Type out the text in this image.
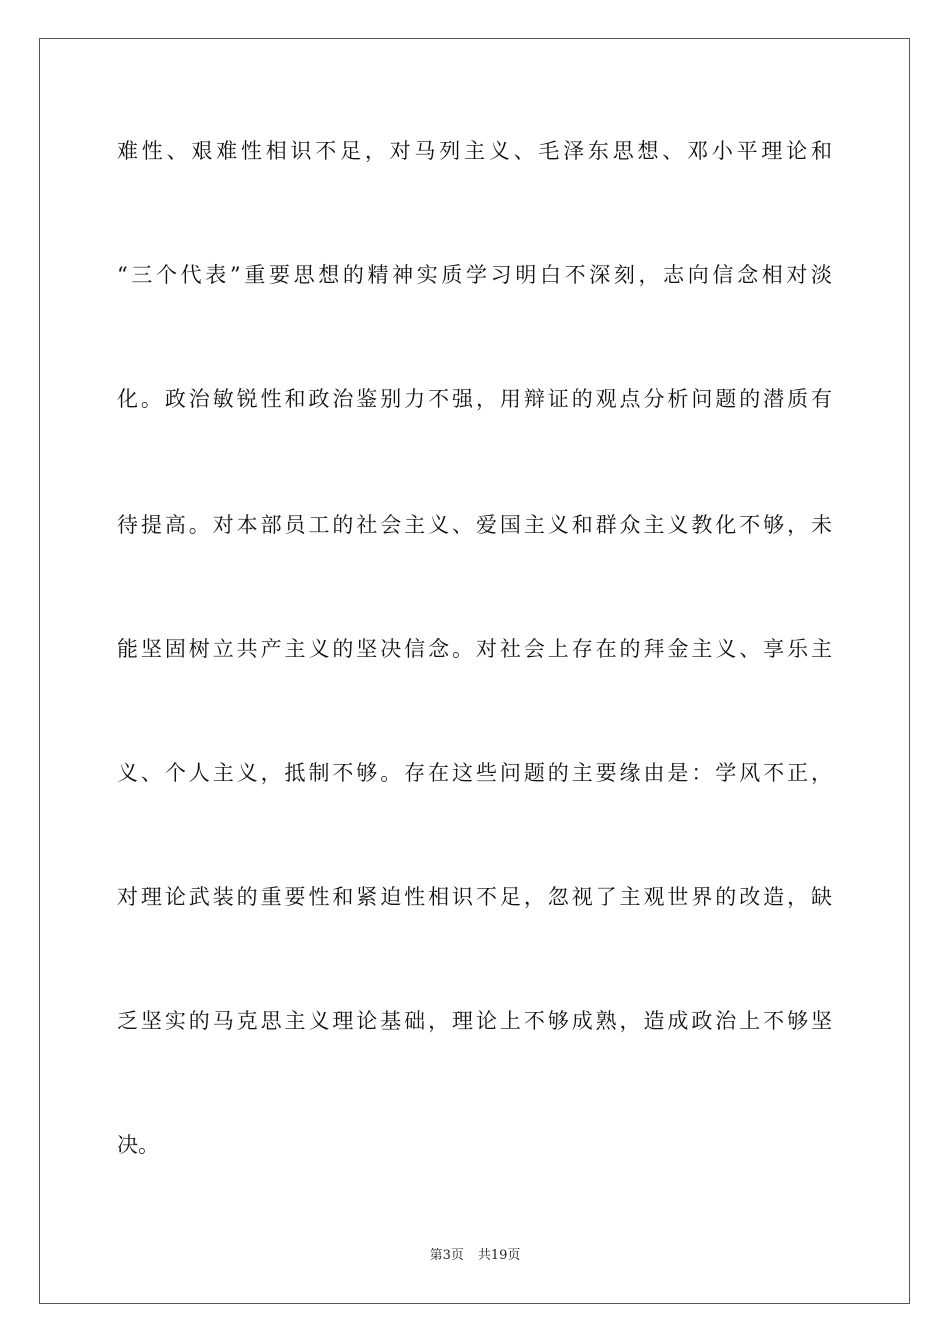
难性、艰难性相识不足，对马列主义、毛泽东思想、邓小平理论和
“三个代表”重要思想的精神实质学习明白不深刻，志向信念相对淡
化。政治敏锐性和政治鉴别力不强，用辩证的观点分析问题的潜质有
待提高。对本部员工的社会主义、爱国主义和群众主义教化不够，未
能坚固树立共产主义的坚决信念。对社会上存在的拜金主义、享乐主
义、个人主义，抵制不够。存在这些问题的主要缘由是：学风不正，
对理论武装的重要性和紧迫性相识不足，忽视了主观世界的改造，缺
乏坚实的马克思主义理论基础，理论上不够成熟，造成政治上不够坚
决。
第3页 共19页
